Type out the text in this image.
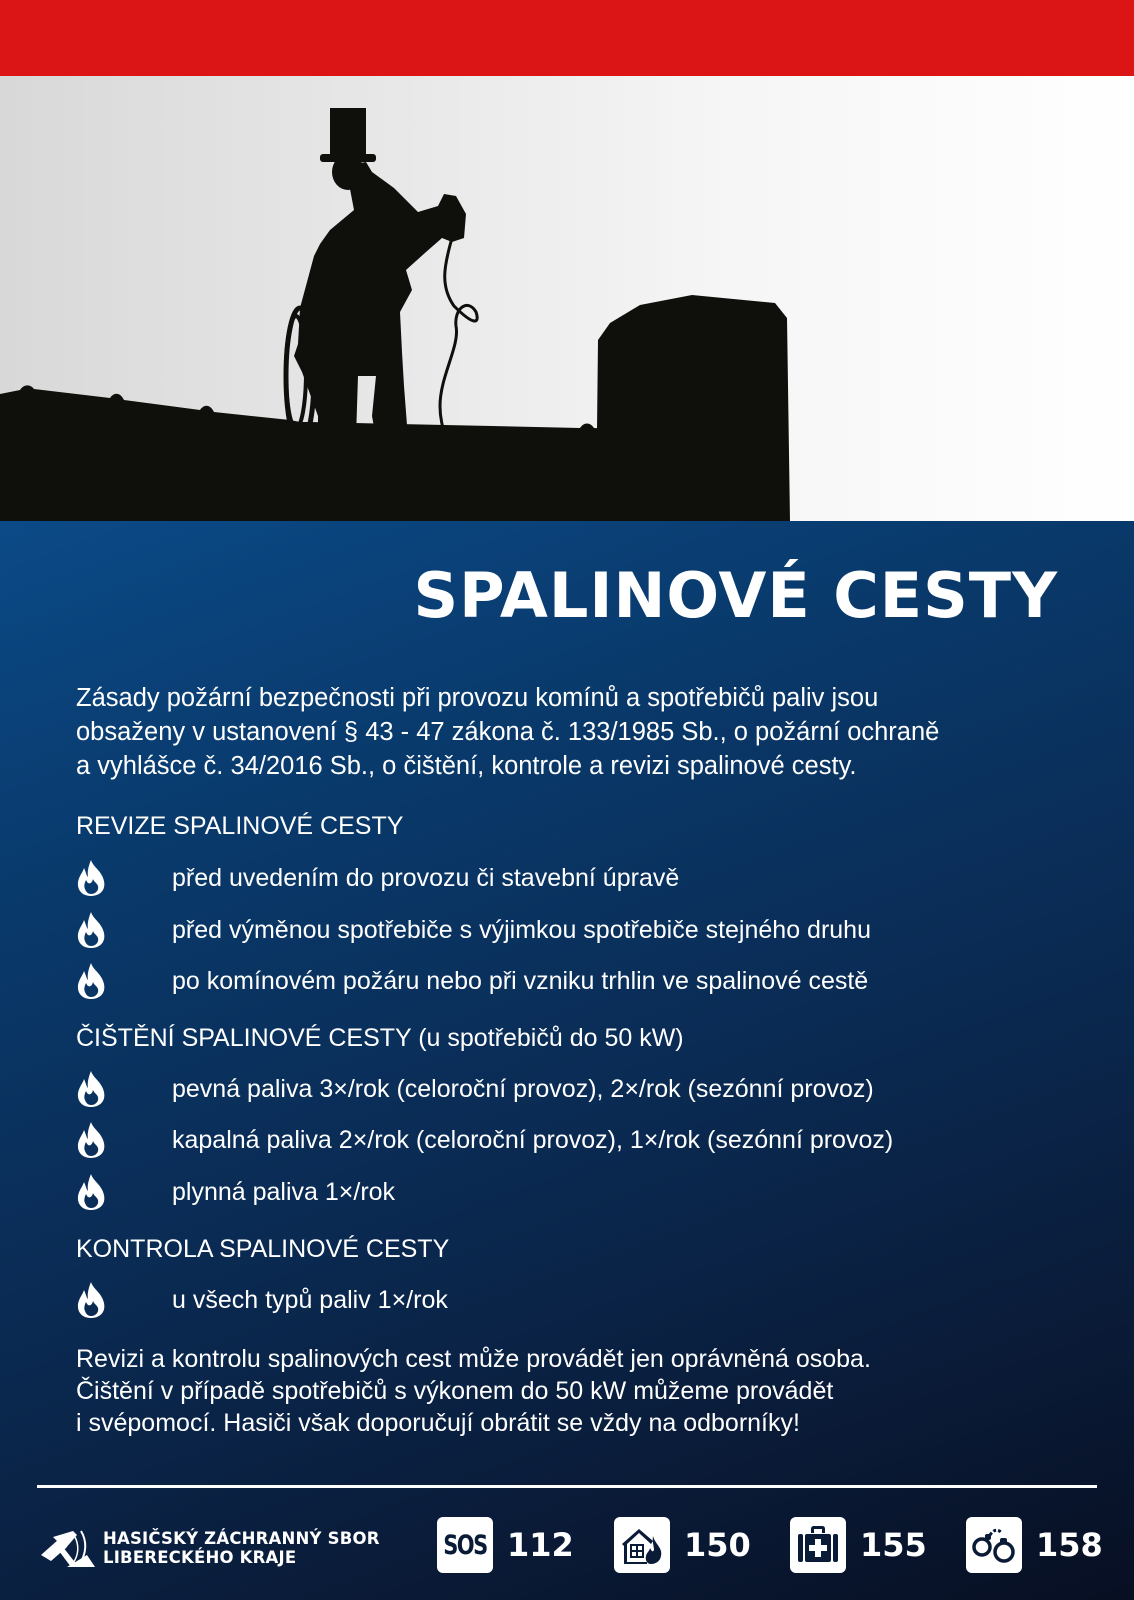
SPALINOVÉ CESTY
Zásady požární bezpečnosti při provozu komínů a spotřebičů paliv jsou
obsaženy v ustanovení § 43 - 47 zákona č. 133/1985 Sb., o požární ochraně
a vyhlášce č. 34/2016 Sb., o čištění, kontrole a revizi spalinové cesty.
REVIZE SPALINOVÉ CESTY
před uvedením do provozu či stavební úpravě
před výměnou spotřebiče s výjimkou spotřebiče stejného druhu
po komínovém požáru nebo při vzniku trhlin ve spalinové cestě
ČIŠTĚNÍ SPALINOVÉ CESTY (u spotřebičů do 50 kW)
pevná paliva 3×/rok (celoroční provoz), 2×/rok (sezónní provoz)
kapalná paliva 2×/rok (celoroční provoz), 1×/rok (sezónní provoz)
plynná paliva 1×/rok
KONTROLA SPALINOVÉ CESTY
u všech typů paliv 1×/rok
Revizi a kontrolu spalinových cest může provádět jen oprávněná osoba.
Čištění v případě spotřebičů s výkonem do 50 kW můžeme provádět
i svépomocí. Hasiči však doporučují obrátit se vždy na odborníky!
HASIČSKÝ ZÁCHRANNÝ SBOR
LIBERECKÉHO KRAJE	SOS 112	150	155	158
